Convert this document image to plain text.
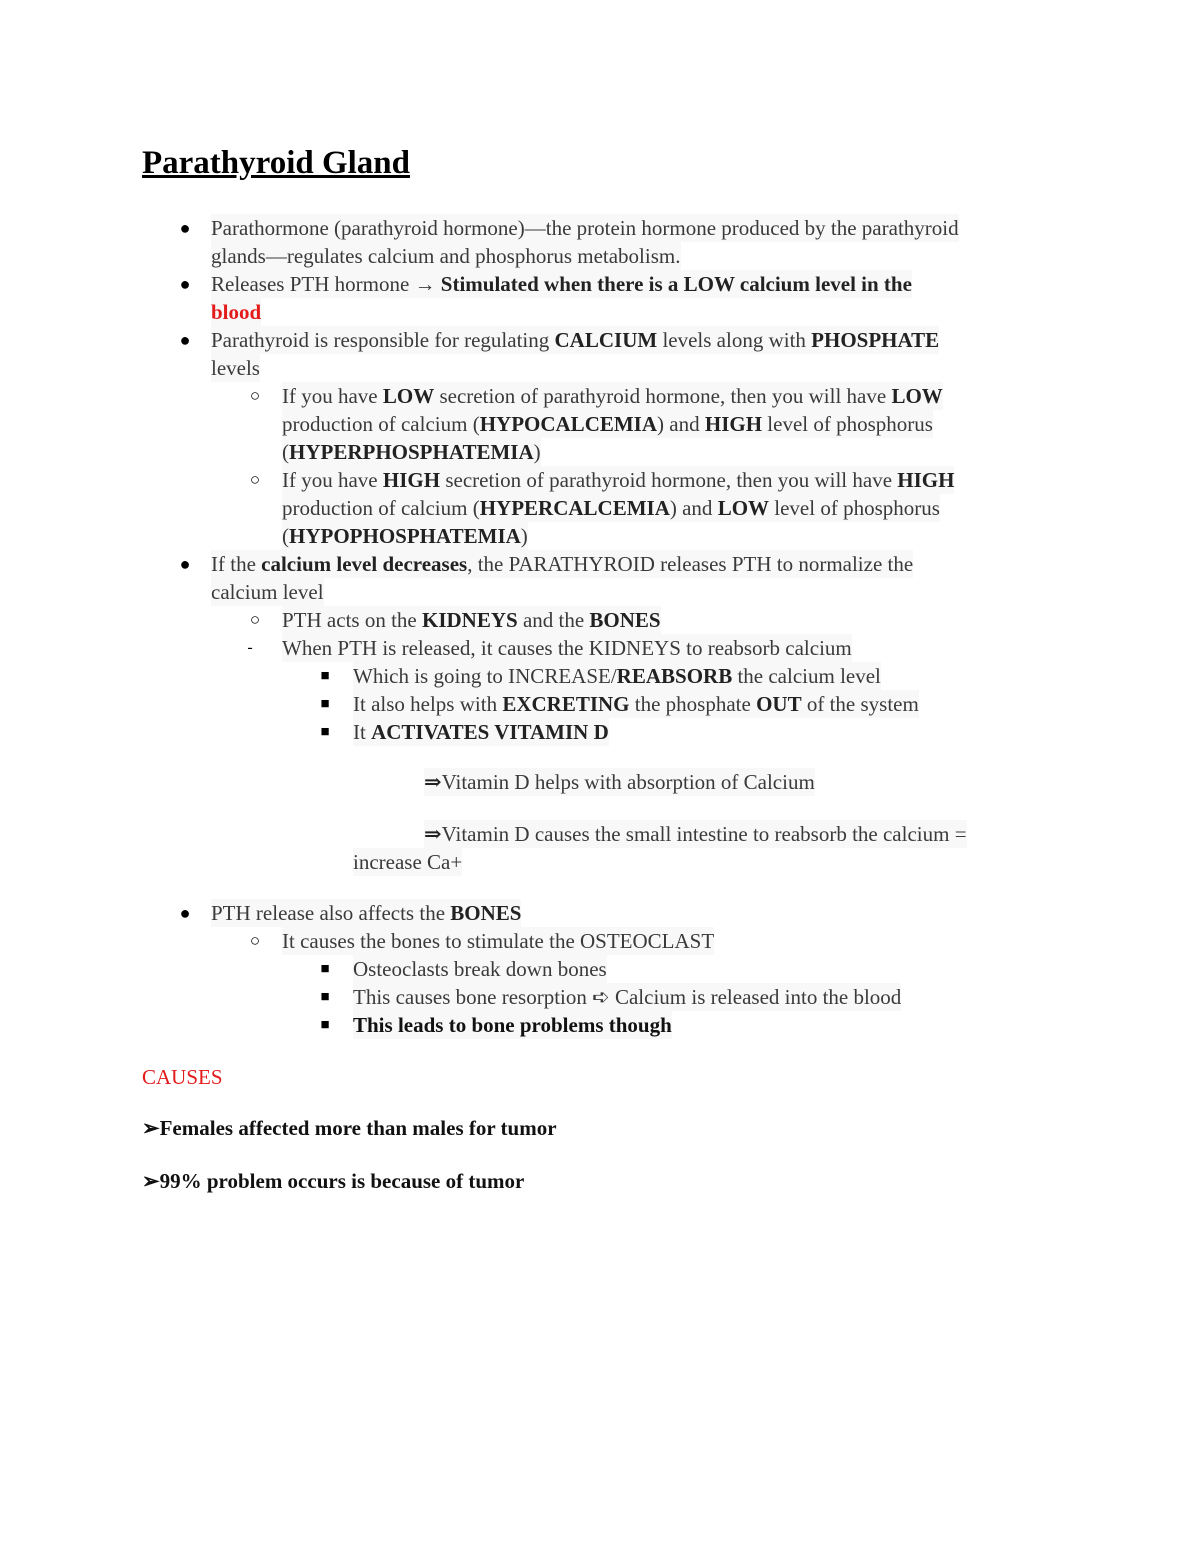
Parathyroid Gland
● Parathormone (parathyroid hormone)—the protein hormone produced by the parathyroid
glands—regulates calcium and phosphorus metabolism.
● Releases PTH hormone → Stimulated when there is a LOW calcium level in the
blood
● Parathyroid is responsible for regulating CALCIUM levels along with PHOSPHATE
levels
○ If you have LOW secretion of parathyroid hormone, then you will have LOW
production of calcium (HYPOCALCEMIA) and HIGH level of phosphorus
(HYPERPHOSPHATEMIA)
○ If you have HIGH secretion of parathyroid hormone, then you will have HIGH
production of calcium (HYPERCALCEMIA) and LOW level of phosphorus
(HYPOPHOSPHATEMIA)
● If the calcium level decreases, the PARATHYROID releases PTH to normalize the
calcium level
○ PTH acts on the KIDNEYS and the BONES
-	When PTH is released, it causes the KIDNEYS to reabsorb calcium
■ Which is going to INCREASE/REABSORB the calcium level
■ It also helps with EXCRETING the phosphate OUT of the system
■ It ACTIVATES VITAMIN D
⇒Vitamin D helps with absorption of Calcium
⇒Vitamin D causes the small intestine to reabsorb the calcium =
increase Ca+
● PTH release also affects the BONES
○ It causes the bones to stimulate the OSTEOCLAST
■ Osteoclasts break down bones
■ This causes bone resorption ➪ Calcium is released into the blood
■ This leads to bone problems though
CAUSES
➢Females affected more than males for tumor
➢99% problem occurs is because of tumor
